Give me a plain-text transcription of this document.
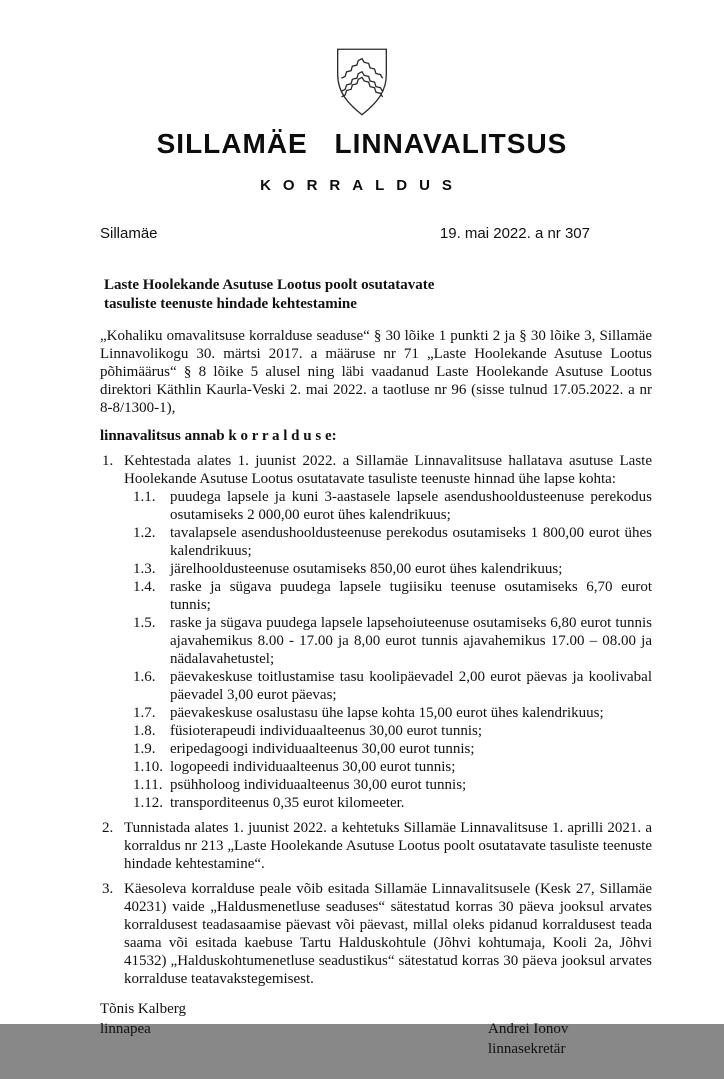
SILLAMÄE LINNAVALITSUS
KORRALDUS
Sillamäe	19. mai 2022. a nr 307
Laste Hoolekande Asutuse Lootus poolt osutatavate tasuliste teenuste hindade kehtestamine
„Kohaliku omavalitsuse korralduse seaduse“ § 30 lõike 1 punkti 2 ja § 30 lõike 3, Sillamäe Linnavolikogu 30. märtsi 2017. a määruse nr 71 „Laste Hoolekande Asutuse Lootus põhimäärus“ § 8 lõike 5 alusel ning läbi vaadanud Laste Hoolekande Asutuse Lootus direktori Käthlin Kaurla-Veski 2. mai 2022. a taotluse nr 96 (sisse tulnud 17.05.2022. a nr 8-8/1300-1),
linnavalitsus annab k o r r a l d u s e:
1. Kehtestada alates 1. juunist 2022. a Sillamäe Linnavalitsuse hallatava asutuse Laste Hoolekande Asutuse Lootus osutatavate tasuliste teenuste hinnad ühe lapse kohta:
1.1. puudega lapsele ja kuni 3-aastasele lapsele asendushooldusteenuse perekodus osutamiseks 2 000,00 eurot ühes kalendrikuus;
1.2. tavalapsele asendushooldusteenuse perekodus osutamiseks 1 800,00 eurot ühes kalendrikuus;
1.3. järelhooldusteenuse osutamiseks 850,00 eurot ühes kalendrikuus;
1.4. raske ja sügava puudega lapsele tugiisiku teenuse osutamiseks 6,70 eurot tunnis;
1.5. raske ja sügava puudega lapsele lapsehoiuteenuse osutamiseks 6,80 eurot tunnis ajavahemikus 8.00 - 17.00 ja 8,00 eurot tunnis ajavahemikus 17.00 – 08.00 ja nädalavahetustel;
1.6. päevakeskuse toitlustamise tasu koolipäevadel 2,00 eurot päevas ja koolivabal päevadel 3,00 eurot päevas;
1.7. päevakeskuse osalustasu ühe lapse kohta 15,00 eurot ühes kalendrikuus;
1.8. füsioterapeudi individuaalteenus 30,00 eurot tunnis;
1.9. eripedagoogi individuaalteenus 30,00 eurot tunnis;
1.10. logopeedi individuaalteenus 30,00 eurot tunnis;
1.11. psühholoog individuaalteenus 30,00 eurot tunnis;
1.12. transporditeenus 0,35 eurot kilomeeter.
2. Tunnistada alates 1. juunist 2022. a kehtetuks Sillamäe Linnavalitsuse 1. aprilli 2021. a korraldus nr 213 „Laste Hoolekande Asutuse Lootus poolt osutatavate tasuliste teenuste hindade kehtestamine“.
3. Käesoleva korralduse peale võib esitada Sillamäe Linnavalitsusele (Kesk 27, Sillamäe 40231) vaide „Haldusmenetluse seaduses“ sätestatud korras 30 päeva jooksul arvates korraldusest teadasaamise päevast või päevast, millal oleks pidanud korraldusest teada saama või esitada kaebuse Tartu Halduskohtule (Jõhvi kohtumaja, Kooli 2a, Jõhvi 41532) „Halduskohtumenetluse seadustikus“ sätestatud korras 30 päeva jooksul arvates korralduse teatavakstegemisest.
Tõnis Kalberg
linnapea	Andrei Ionov
linnasekretär
